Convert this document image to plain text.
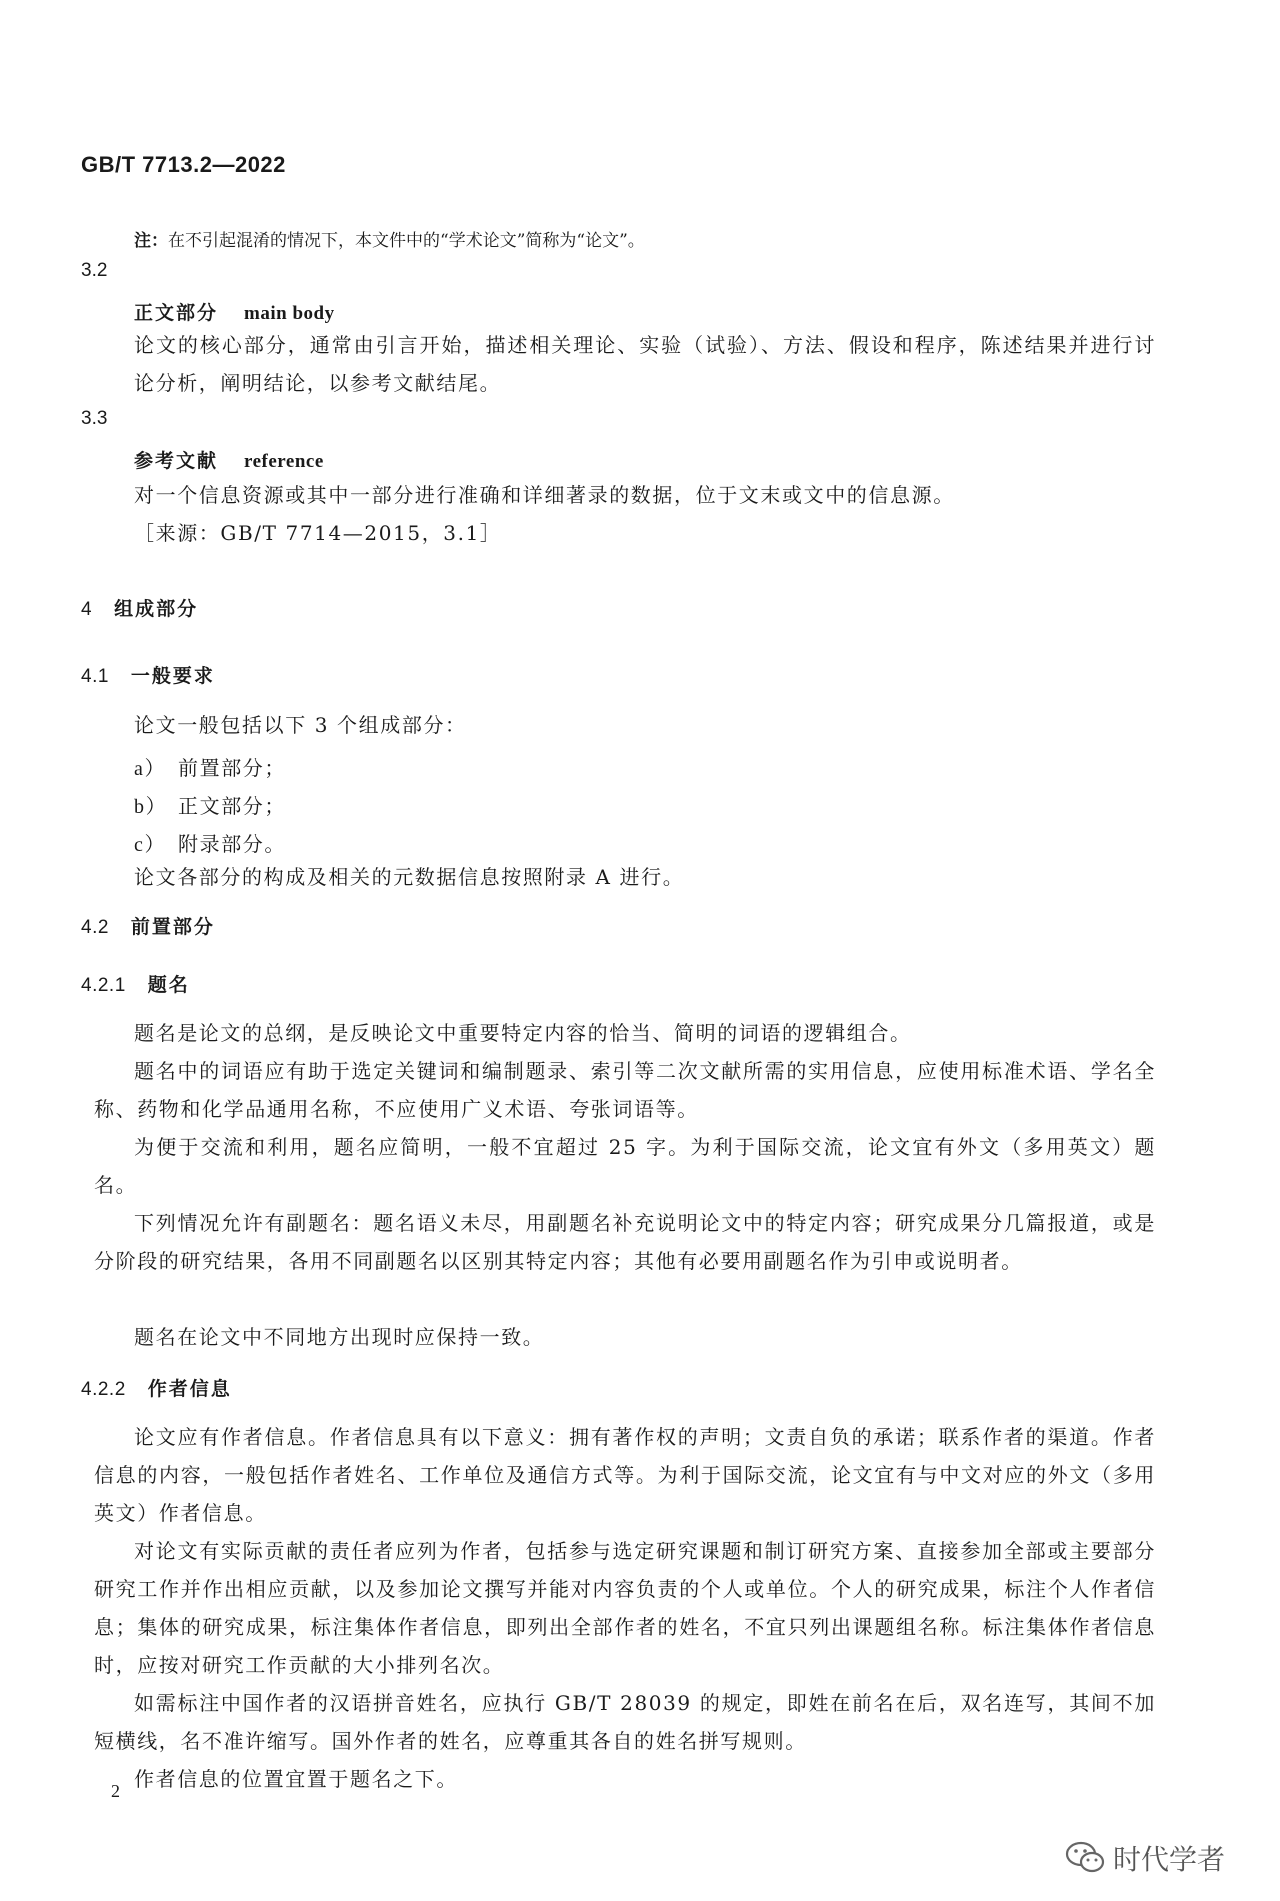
GB/T 7713.2—2022
注：在不引起混淆的情况下，本文件中的“学术论文”简称为“论文”。
3.2
正文部分 main body
论文的核心部分，通常由引言开始，描述相关理论、实验（试验）、方法、假设和程序，陈述结果并进行讨论分析，阐明结论，以参考文献结尾。
3.3
参考文献 reference
对一个信息资源或其中一部分进行准确和详细著录的数据，位于文末或文中的信息源。
［来源：GB/T 7714—2015，3.1］
4 组成部分
4.1 一般要求
论文一般包括以下 3 个组成部分：
a） 前置部分；
b） 正文部分；
c） 附录部分。
论文各部分的构成及相关的元数据信息按照附录 A 进行。
4.2 前置部分
4.2.1 题名
题名是论文的总纲，是反映论文中重要特定内容的恰当、简明的词语的逻辑组合。
题名中的词语应有助于选定关键词和编制题录、索引等二次文献所需的实用信息，应使用标准术语、学名全称、药物和化学品通用名称，不应使用广义术语、夸张词语等。
为便于交流和利用，题名应简明，一般不宜超过 25 字。为利于国际交流，论文宜有外文（多用英文）题名。
下列情况允许有副题名：题名语义未尽，用副题名补充说明论文中的特定内容；研究成果分几篇报道，或是分阶段的研究结果，各用不同副题名以区别其特定内容；其他有必要用副题名作为引申或说明者。
题名在论文中不同地方出现时应保持一致。
4.2.2 作者信息
论文应有作者信息。作者信息具有以下意义：拥有著作权的声明；文责自负的承诺；联系作者的渠道。作者信息的内容，一般包括作者姓名、工作单位及通信方式等。为利于国际交流，论文宜有与中文对应的外文（多用英文）作者信息。
对论文有实际贡献的责任者应列为作者，包括参与选定研究课题和制订研究方案、直接参加全部或主要部分研究工作并作出相应贡献，以及参加论文撰写并能对内容负责的个人或单位。个人的研究成果，标注个人作者信息；集体的研究成果，标注集体作者信息，即列出全部作者的姓名，不宜只列出课题组名称。标注集体作者信息时，应按对研究工作贡献的大小排列名次。
如需标注中国作者的汉语拼音姓名，应执行 GB/T 28039 的规定，即姓在前名在后，双名连写，其间不加短横线，名不准许缩写。国外作者的姓名，应尊重其各自的姓名拼写规则。
作者信息的位置宜置于题名之下。
2
时代学者
